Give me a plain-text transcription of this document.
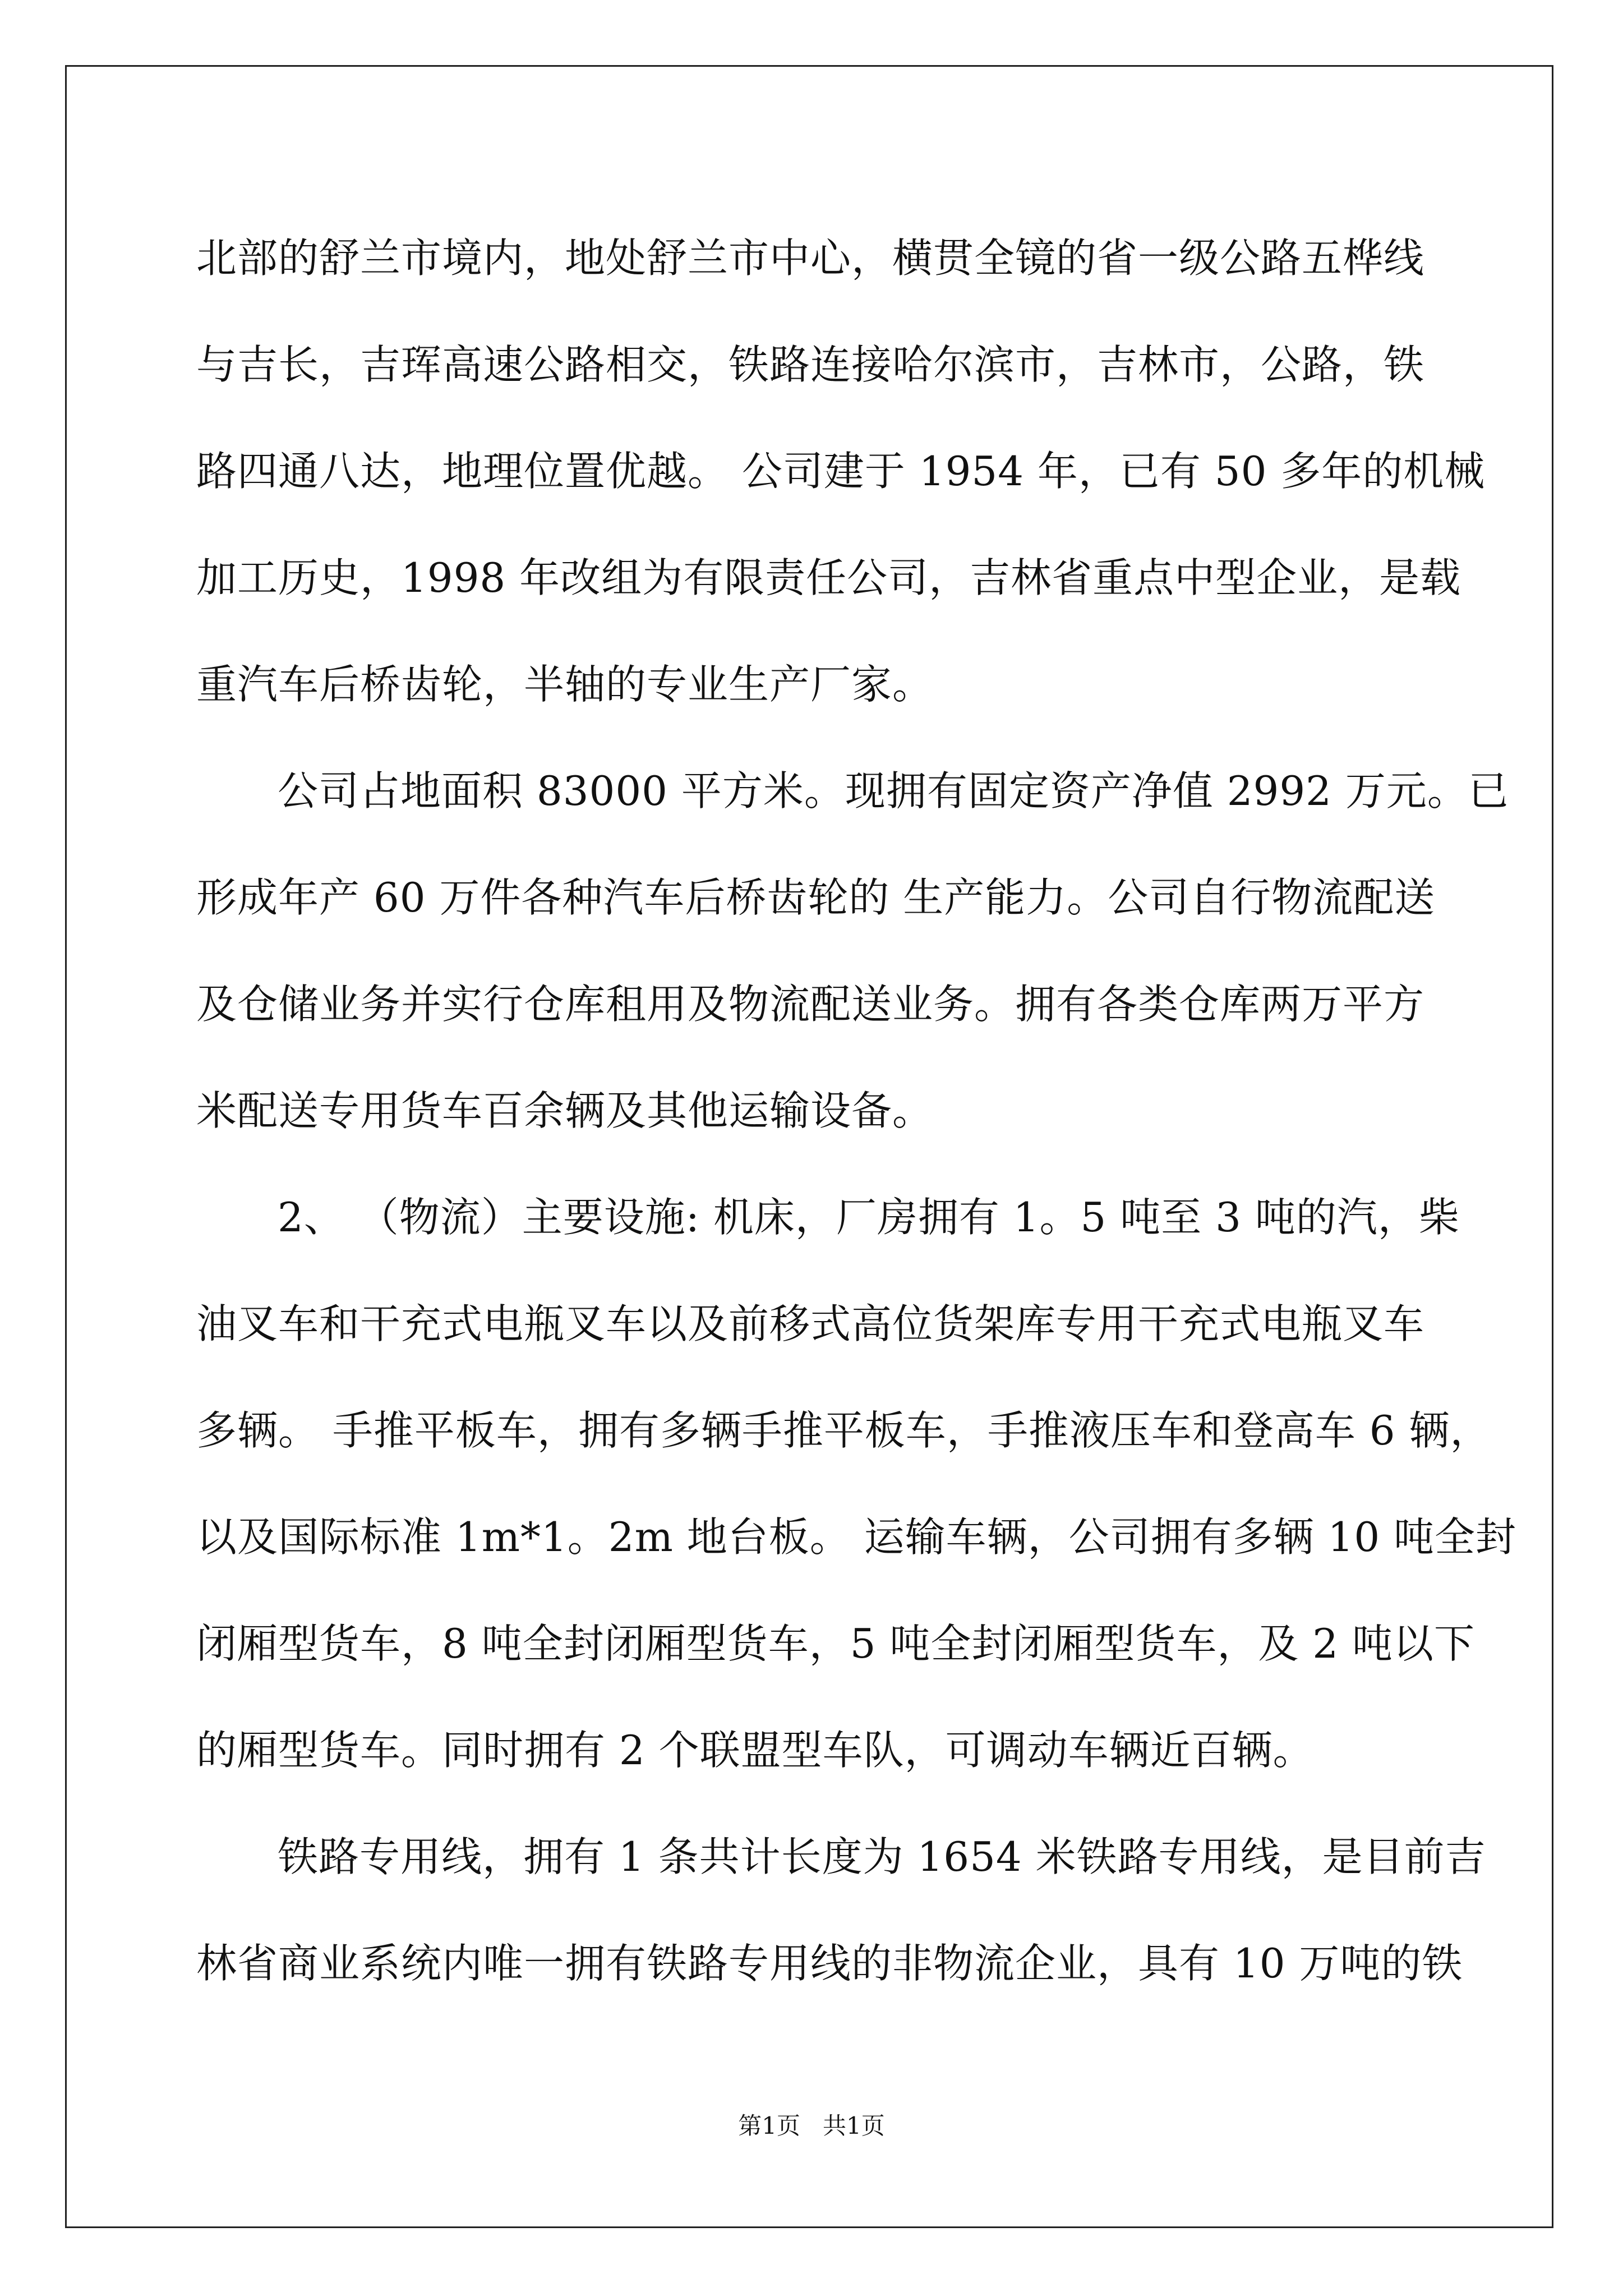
北部的舒兰市境内，地处舒兰市中心，横贯全镜的省一级公路五桦线
与吉长，吉珲高速公路相交，铁路连接哈尔滨市，吉林市，公路，铁
路四通八达，地理位置优越。 公司建于 1954 年，已有 50 多年的机械
加工历史，1998 年改组为有限责任公司，吉林省重点中型企业，是载
重汽车后桥齿轮，半轴的专业生产厂家。
公司占地面积 83000 平方米。现拥有固定资产净值 2992 万元。已
形成年产 60 万件各种汽车后桥齿轮的 生产能力。公司自行物流配送
及仓储业务并实行仓库租用及物流配送业务。拥有各类仓库两万平方
米配送专用货车百余辆及其他运输设备。
2、 （物流）主要设施: 机床，厂房拥有 1。5 吨至 3 吨的汽，柴
油叉车和干充式电瓶叉车以及前移式高位货架库专用干充式电瓶叉车
多辆。 手推平板车，拥有多辆手推平板车，手推液压车和登高车 6 辆，
以及国际标准 1m*1。2m 地台板。 运输车辆，公司拥有多辆 10 吨全封
闭厢型货车，8 吨全封闭厢型货车，5 吨全封闭厢型货车，及 2 吨以下
的厢型货车。同时拥有 2 个联盟型车队，可调动车辆近百辆。
铁路专用线，拥有 1 条共计长度为 1654 米铁路专用线，是目前吉
林省商业系统内唯一拥有铁路专用线的非物流企业，具有 10 万吨的铁
第1页 共1页
